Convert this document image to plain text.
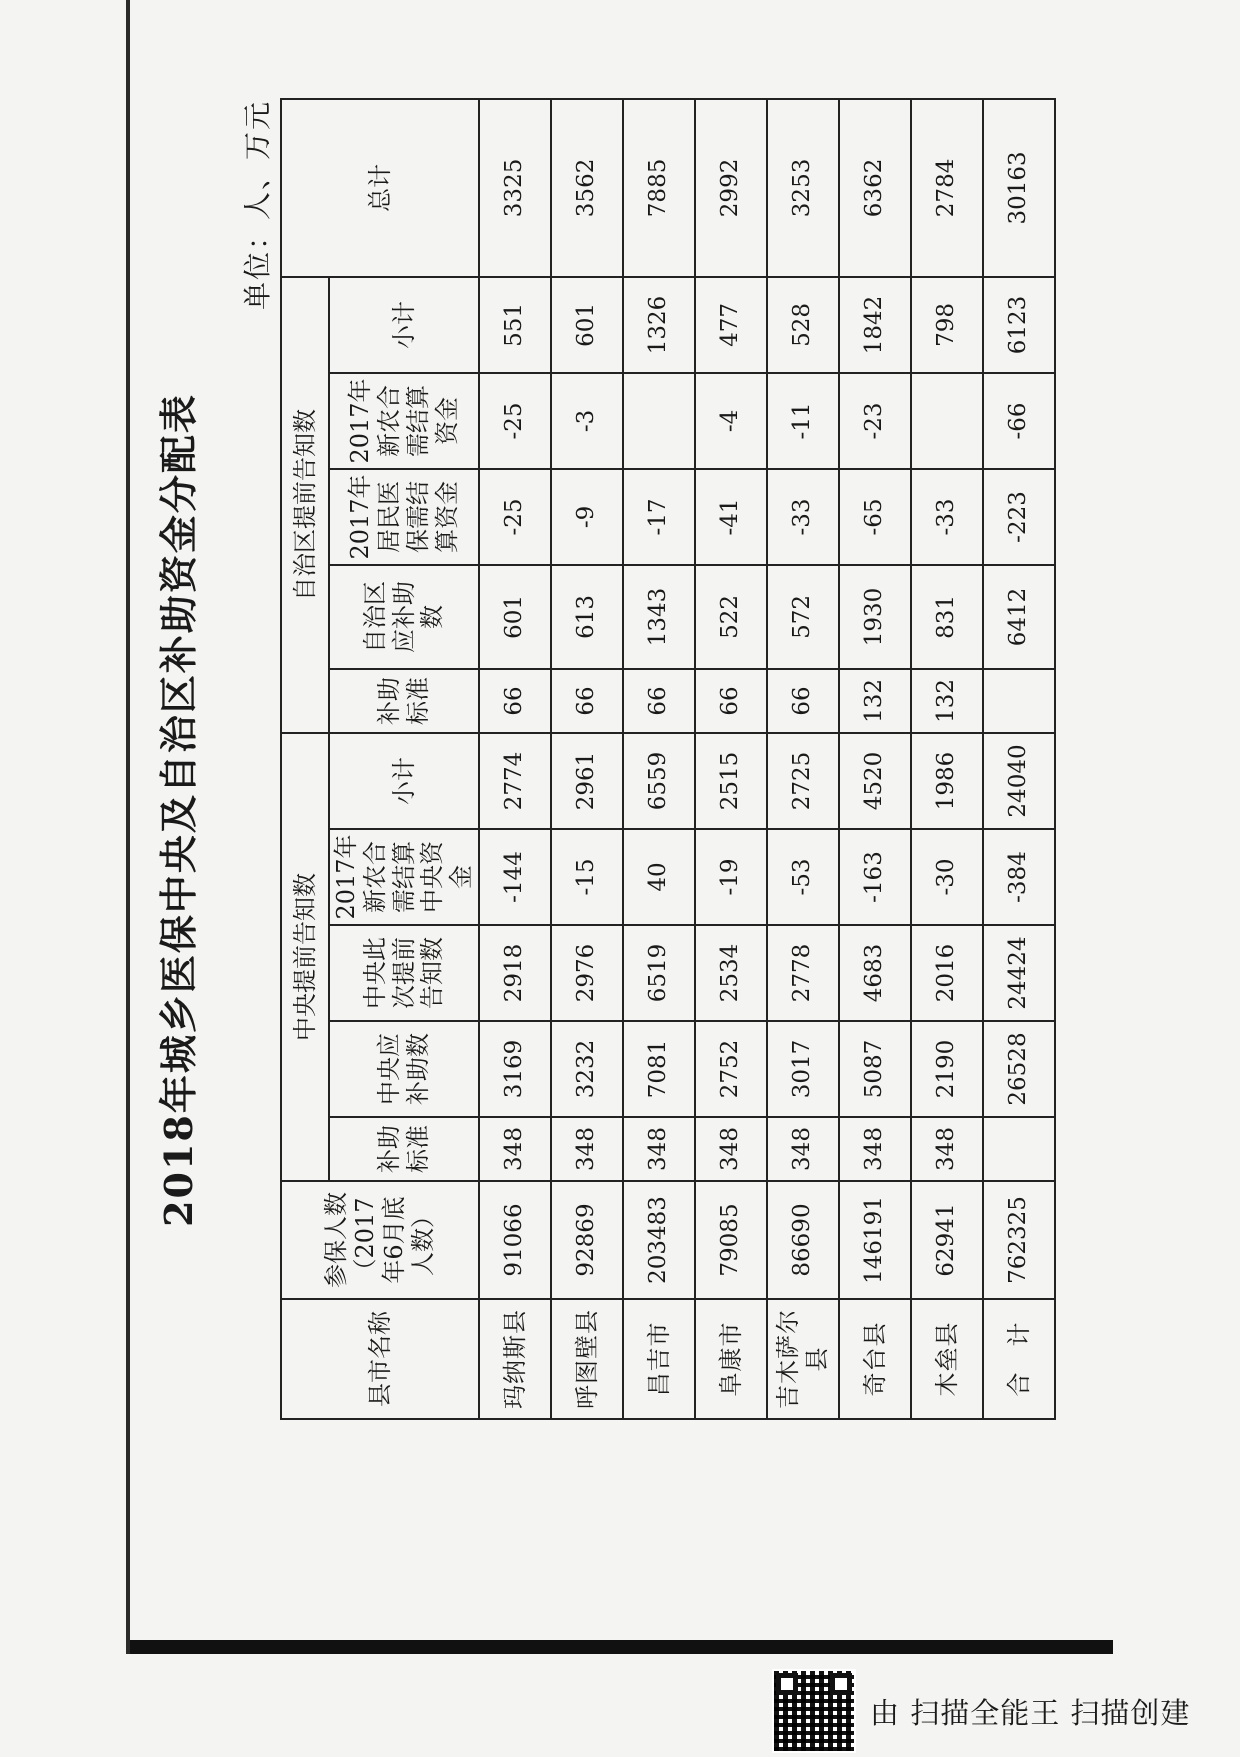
2018年城乡医保中央及自治区补助资金分配表
单位：人、万元
县市名称	参保人数（2017年6月底人数）	中央提前告知数					自治区提前告知数					总计
		补助标准	中央应补助数	中央此次提前告知数	2017年新农合需结算中央资金	小计	补助标准	自治区应补助数	2017年居民医保需结算资金	2017年新农合需结算资金	小计	
玛纳斯县	91066	348	3169	2918	-144	2774	66	601	-25	-25	551	3325
呼图壁县	92869	348	3232	2976	-15	2961	66	613	-9	-3	601	3562
昌吉市	203483	348	7081	6519	40	6559	66	1343	-17		1326	7885
阜康市	79085	348	2752	2534	-19	2515	66	522	-41	-4	477	2992
吉木萨尔县	86690	348	3017	2778	-53	2725	66	572	-33	-11	528	3253
奇台县	146191	348	5087	4683	-163	4520	132	1930	-65	-23	1842	6362
木垒县	62941	348	2190	2016	-30	1986	132	831	-33		798	2784
合　计	762325		26528	24424	-384	24040		6412	-223	-66	6123	30163
由 扫描全能王 扫描创建
